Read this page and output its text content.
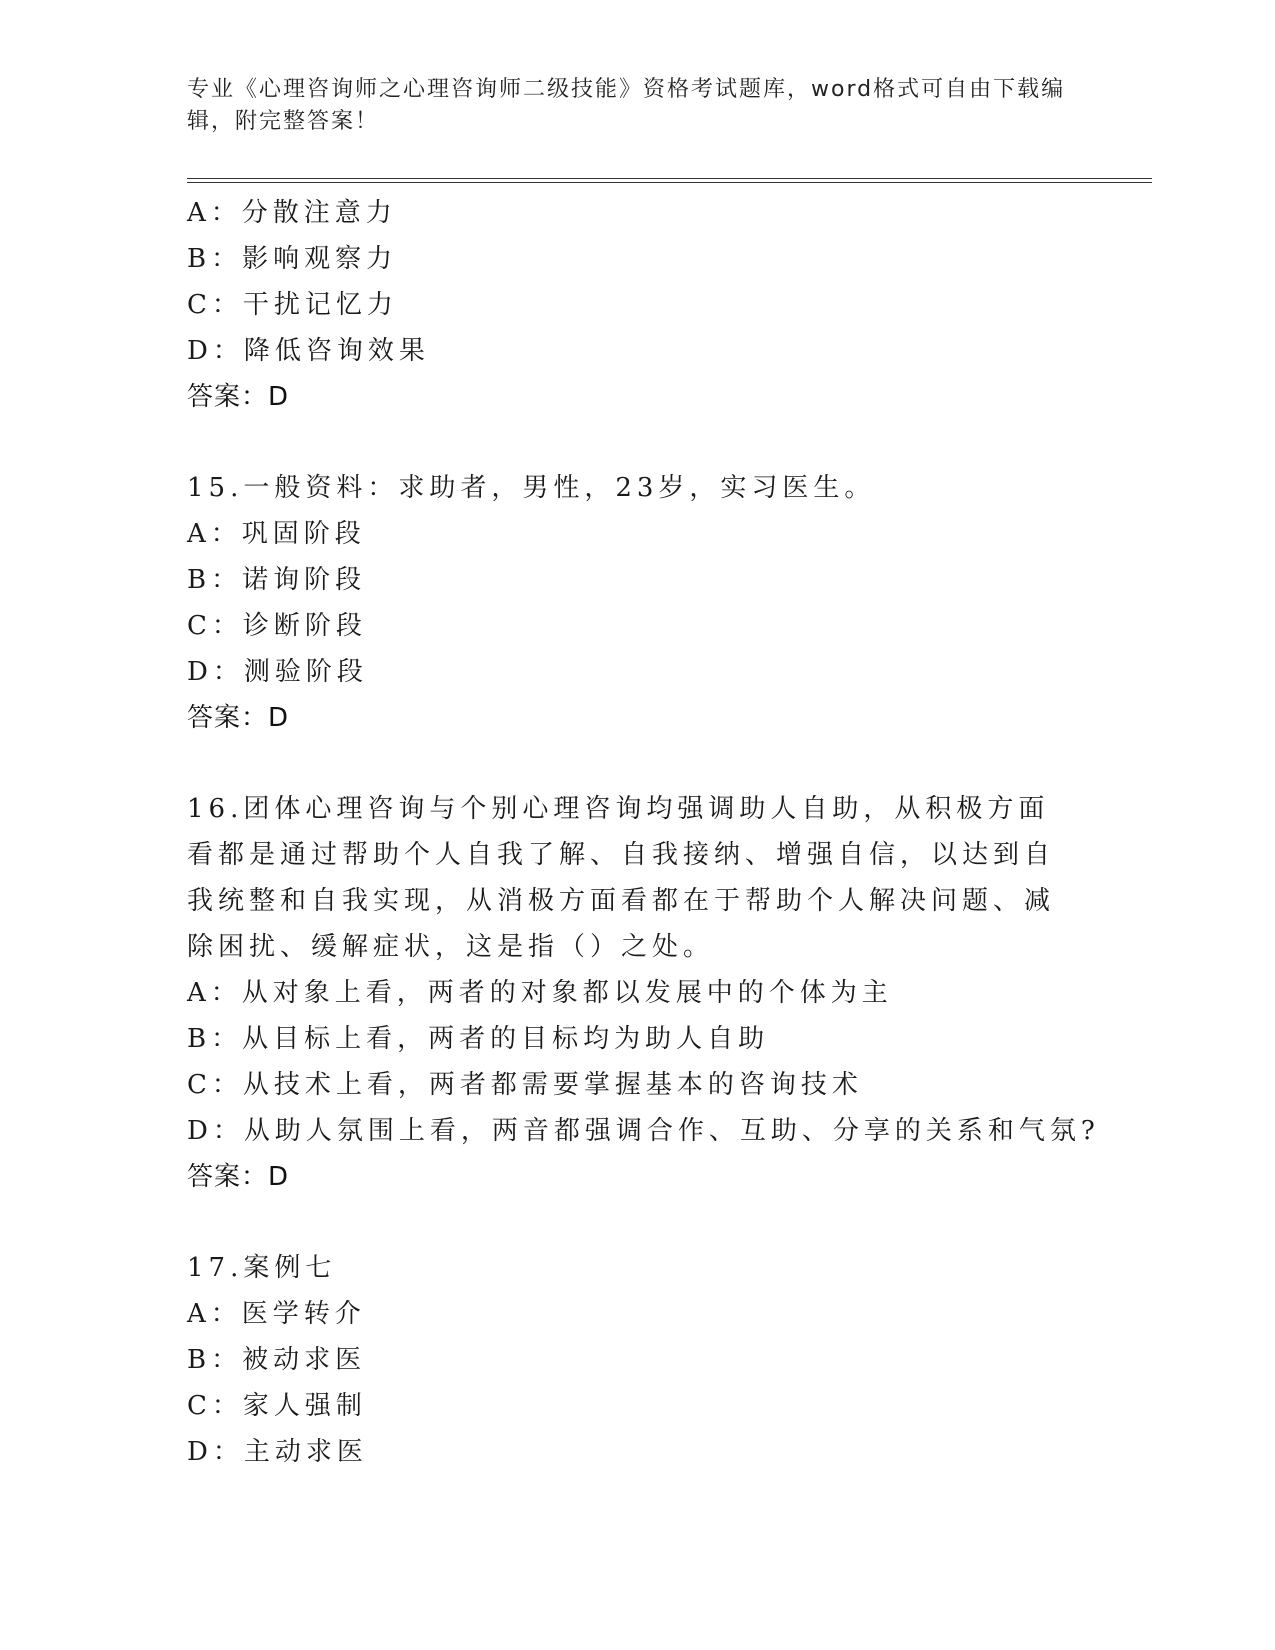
专业《心理咨询师之心理咨询师二级技能》资格考试题库，word格式可自由下载编辑，附完整答案！
A：分散注意力
B：影响观察力
C：干扰记忆力
D：降低咨询效果
答案：D
15.一般资料：求助者，男性，23岁，实习医生。
A：巩固阶段
B：诺询阶段
C：诊断阶段
D：测验阶段
答案：D
16.团体心理咨询与个别心理咨询均强调助人自助，从积极方面看都是通过帮助个人自我了解、自我接纳、增强自信，以达到自我统整和自我实现，从消极方面看都在于帮助个人解决问题、减除困扰、缓解症状，这是指（）之处。
A：从对象上看，两者的对象都以发展中的个体为主
B：从目标上看，两者的目标均为助人自助
C：从技术上看，两者都需要掌握基本的咨询技术
D：从助人氛围上看，两音都强调合作、互助、分享的关系和气氛?
答案：D
17.案例七
A：医学转介
B：被动求医
C：家人强制
D：主动求医
